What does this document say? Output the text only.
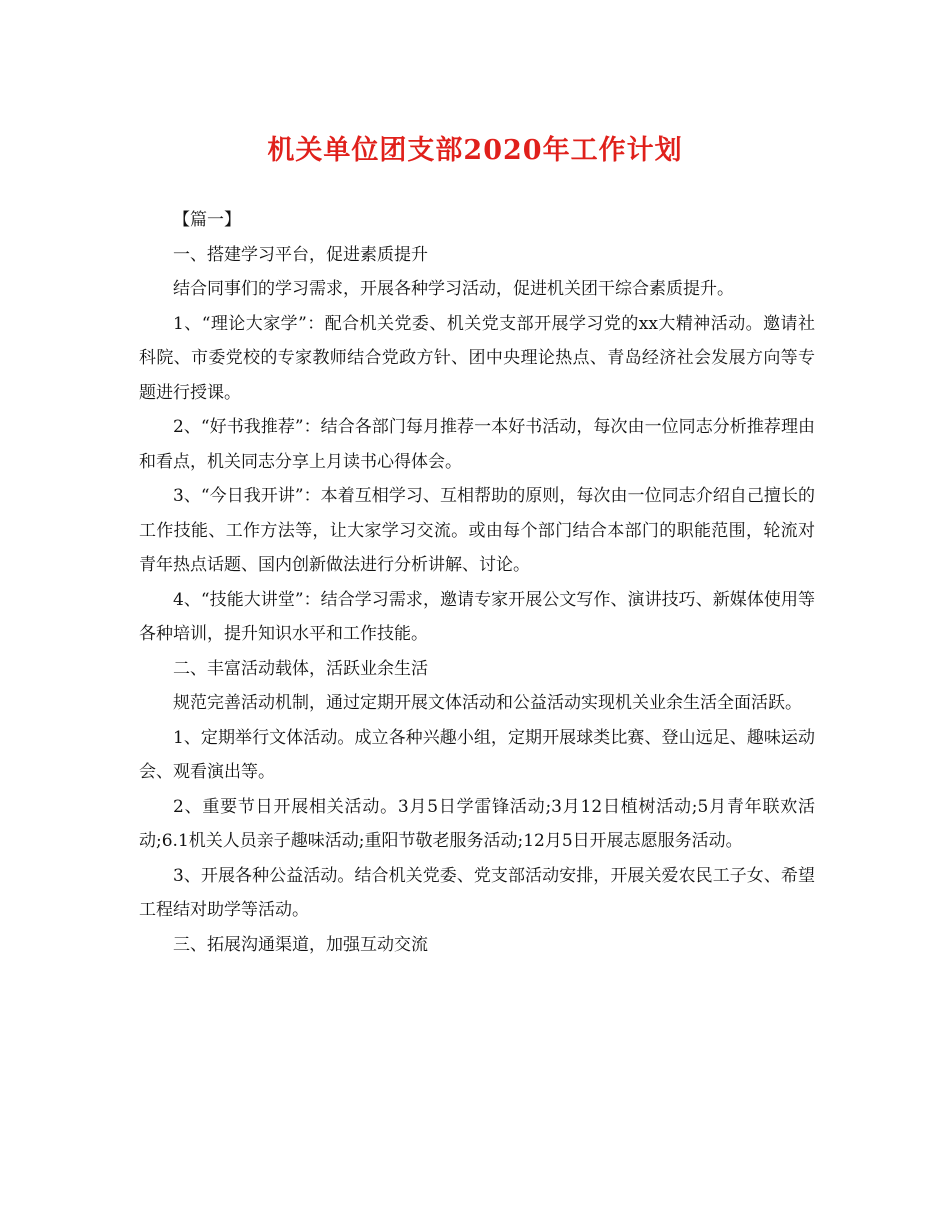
机关单位团支部2020年工作计划

【篇一】

一、搭建学习平台，促进素质提升

结合同事们的学习需求，开展各种学习活动，促进机关团干综合素质提升。

1、“理论大家学”：配合机关党委、机关党支部开展学习党的xx大精神活动。邀请社科院、市委党校的专家教师结合党政方针、团中央理论热点、青岛经济社会发展方向等专题进行授课。

2、“好书我推荐”：结合各部门每月推荐一本好书活动，每次由一位同志分析推荐理由和看点，机关同志分享上月读书心得体会。

3、“今日我开讲”：本着互相学习、互相帮助的原则，每次由一位同志介绍自己擅长的工作技能、工作方法等，让大家学习交流。或由每个部门结合本部门的职能范围，轮流对青年热点话题、国内创新做法进行分析讲解、讨论。

4、“技能大讲堂”：结合学习需求，邀请专家开展公文写作、演讲技巧、新媒体使用等各种培训，提升知识水平和工作技能。

二、丰富活动载体，活跃业余生活

规范完善活动机制，通过定期开展文体活动和公益活动实现机关业余生活全面活跃。

1、定期举行文体活动。成立各种兴趣小组，定期开展球类比赛、登山远足、趣味运动会、观看演出等。

2、重要节日开展相关活动。3月5日学雷锋活动;3月12日植树活动;5月青年联欢活动;6.1机关人员亲子趣味活动;重阳节敬老服务活动;12月5日开展志愿服务活动。

3、开展各种公益活动。结合机关党委、党支部活动安排，开展关爱农民工子女、希望工程结对助学等活动。

三、拓展沟通渠道，加强互动交流
